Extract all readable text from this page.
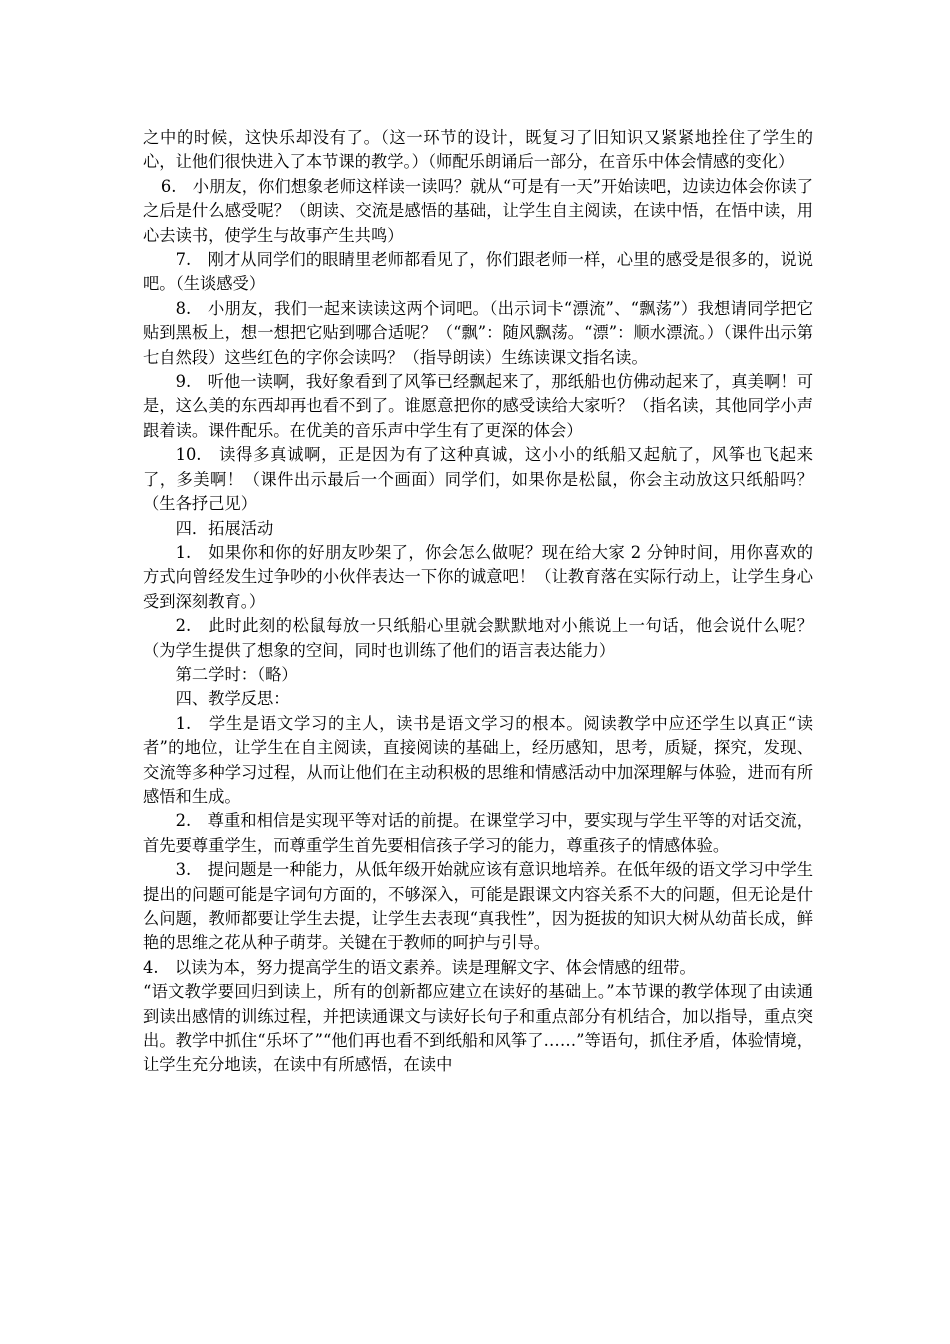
之中的时候，这快乐却没有了。（这一环节的设计，既复习了旧知识又紧紧地拴住了学生的心，让他们很快进入了本节课的教学。）（师配乐朗诵后一部分，在音乐中体会情感的变化）

6.　小朋友，你们想象老师这样读一读吗？就从“可是有一天”开始读吧，边读边体会你读了之后是什么感受呢？（朗读、交流是感悟的基础，让学生自主阅读，在读中悟，在悟中读，用心去读书，使学生与故事产生共鸣）

7.　刚才从同学们的眼睛里老师都看见了，你们跟老师一样，心里的感受是很多的，说说吧。（生谈感受）

8.　小朋友，我们一起来读读这两个词吧。（出示词卡“漂流”、“飘荡”）我想请同学把它贴到黑板上，想一想把它贴到哪合适呢？（“飘”：随风飘荡。“漂”：顺水漂流。）（课件出示第七自然段）这些红色的字你会读吗？（指导朗读）生练读课文指名读。

9.　听他一读啊，我好象看到了风筝已经飘起来了，那纸船也仿佛动起来了，真美啊！可是，这么美的东西却再也看不到了。谁愿意把你的感受读给大家听？（指名读，其他同学小声跟着读。课件配乐。在优美的音乐声中学生有了更深的体会）

10.　读得多真诚啊，正是因为有了这种真诚，这小小的纸船又起航了，风筝也飞起来了，多美啊！（课件出示最后一个画面）同学们，如果你是松鼠，你会主动放这只纸船吗？（生各抒己见）

四．拓展活动

1.　如果你和你的好朋友吵架了，你会怎么做呢？现在给大家 2 分钟时间，用你喜欢的方式向曾经发生过争吵的小伙伴表达一下你的诚意吧！（让教育落在实际行动上，让学生身心受到深刻教育。）

2.　此时此刻的松鼠每放一只纸船心里就会默默地对小熊说上一句话，他会说什么呢？（为学生提供了想象的空间，同时也训练了他们的语言表达能力）

第二学时：（略）

四、教学反思：

1.　学生是语文学习的主人，读书是语文学习的根本。阅读教学中应还学生以真正“读者”的地位，让学生在自主阅读，直接阅读的基础上，经历感知，思考，质疑，探究，发现、交流等多种学习过程，从而让他们在主动积极的思维和情感活动中加深理解与体验，进而有所感悟和生成。

2.　尊重和相信是实现平等对话的前提。在课堂学习中，要实现与学生平等的对话交流，首先要尊重学生，而尊重学生首先要相信孩子学习的能力，尊重孩子的情感体验。

3.　提问题是一种能力，从低年级开始就应该有意识地培养。在低年级的语文学习中学生提出的问题可能是字词句方面的，不够深入，可能是跟课文内容关系不大的问题，但无论是什么问题，教师都要让学生去提，让学生去表现“真我性”，因为挺拔的知识大树从幼苗长成，鲜艳的思维之花从种子萌芽。关键在于教师的呵护与引导。

4.　以读为本，努力提高学生的语文素养。读是理解文字、体会情感的纽带。

“语文教学要回归到读上，所有的创新都应建立在读好的基础上。”本节课的教学体现了由读通到读出感情的训练过程，并把读通课文与读好长句子和重点部分有机结合，加以指导，重点突出。教学中抓住“乐坏了”“他们再也看不到纸船和风筝了……”等语句，抓住矛盾，体验情境，让学生充分地读，在读中有所感悟，在读中
